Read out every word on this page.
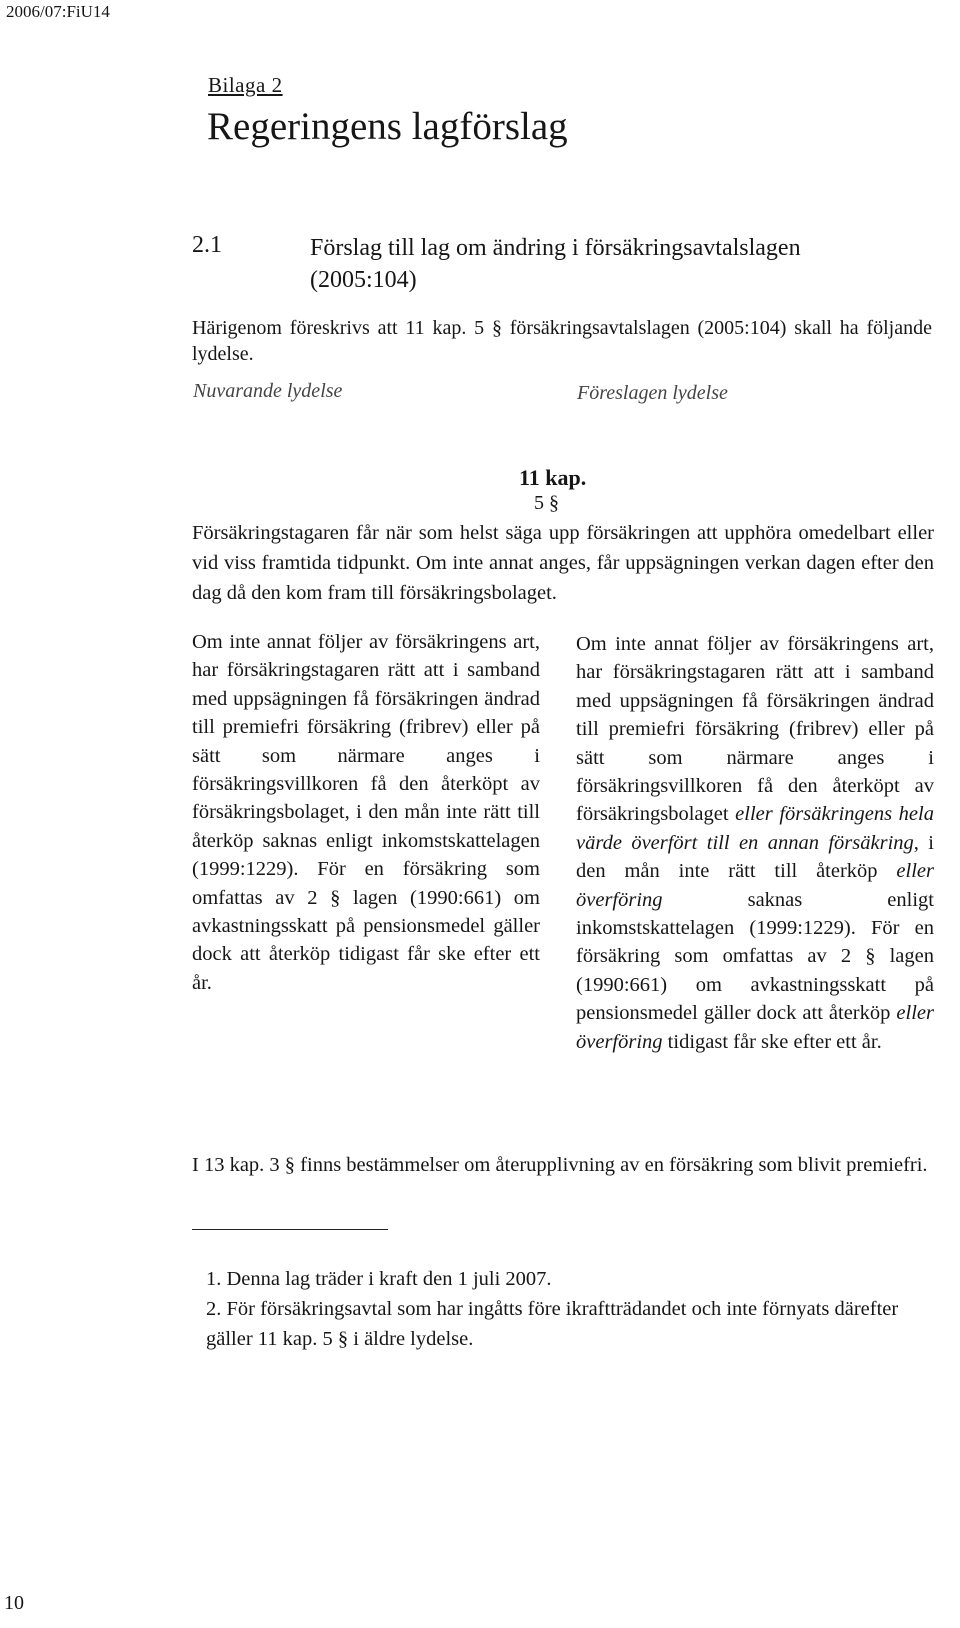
2006/07:FiU14
Bilaga 2
Regeringens lagförslag
2.1	Förslag till lag om ändring i försäkringsavtalslagen (2005:104)
Härigenom föreskrivs att 11 kap. 5 § försäkringsavtalslagen (2005:104) skall ha följande lydelse.
Nuvarande lydelse	Föreslagen lydelse
11 kap.
5 §
Försäkringstagaren får när som helst säga upp försäkringen att upphöra omedelbart eller vid viss framtida tidpunkt. Om inte annat anges, får uppsägningen verkan dagen efter den dag då den kom fram till försäkringsbolaget.
Om inte annat följer av försäkringens art, har försäkringstagaren rätt att i samband med uppsägningen få försäkringen ändrad till premiefri försäkring (fribrev) eller på sätt som närmare anges i försäkringsvillkoren få den återköpt av försäkringsbolaget, i den mån inte rätt till återköp saknas enligt inkomstskattelagen (1999:1229). För en försäkring som omfattas av 2 § lagen (1990:661) om avkastningsskatt på pensionsmedel gäller dock att återköp tidigast får ske efter ett år.
Om inte annat följer av försäkringens art, har försäkringstagaren rätt att i samband med uppsägningen få försäkringen ändrad till premiefri försäkring (fribrev) eller på sätt som närmare anges i försäkringsvillkoren få den återköpt av försäkringsbolaget eller försäkringens hela värde överfört till en annan försäkring, i den mån inte rätt till återköp eller överföring saknas enligt inkomstskattelagen (1999:1229). För en försäkring som omfattas av 2 § lagen (1990:661) om avkastningsskatt på pensionsmedel gäller dock att återköp eller överföring tidigast får ske efter ett år.
I 13 kap. 3 § finns bestämmelser om återupplivning av en försäkring som blivit premiefri.
1. Denna lag träder i kraft den 1 juli 2007.
2. För försäkringsavtal som har ingåtts före ikraftträdandet och inte förnyats därefter gäller 11 kap. 5 § i äldre lydelse.
10
